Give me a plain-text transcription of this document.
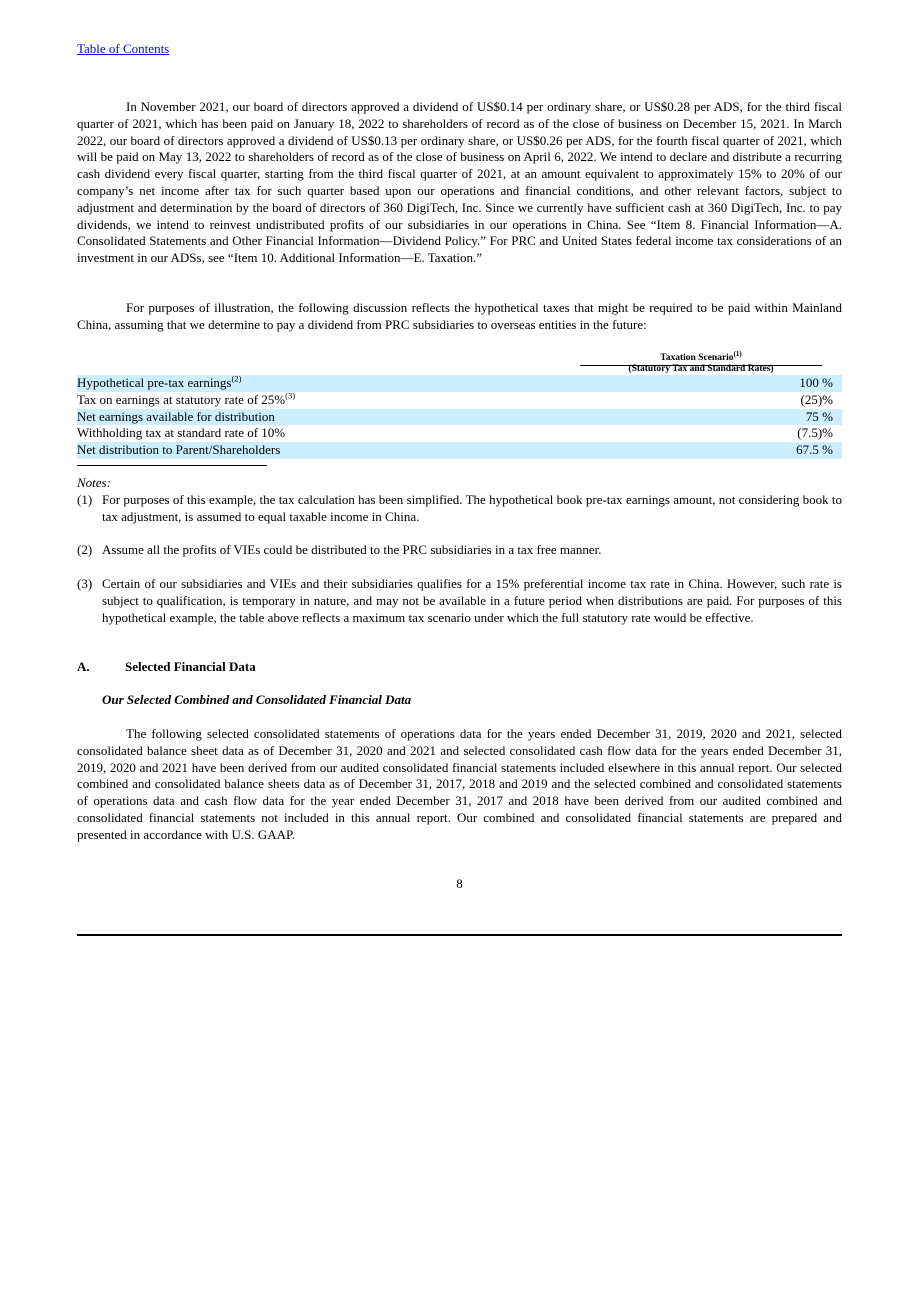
Table of Contents

In November 2021, our board of directors approved a dividend of US$0.14 per ordinary share, or US$0.28 per ADS, for the third fiscal quarter of 2021, which has been paid on January 18, 2022 to shareholders of record as of the close of business on December 15, 2021. In March 2022, our board of directors approved a dividend of US$0.13 per ordinary share, or US$0.26 per ADS, for the fourth fiscal quarter of 2021, which will be paid on May 13, 2022 to shareholders of record as of the close of business on April 6, 2022. We intend to declare and distribute a recurring cash dividend every fiscal quarter, starting from the third fiscal quarter of 2021, at an amount equivalent to approximately 15% to 20% of our company’s net income after tax for such quarter based upon our operations and financial conditions, and other relevant factors, subject to adjustment and determination by the board of directors of 360 DigiTech, Inc. Since we currently have sufficient cash at 360 DigiTech, Inc. to pay dividends, we intend to reinvest undistributed profits of our subsidiaries in our operations in China. See “Item 8. Financial Information—A. Consolidated Statements and Other Financial Information—Dividend Policy.” For PRC and United States federal income tax considerations of an investment in our ADSs, see “Item 10. Additional Information—E. Taxation.”

For purposes of illustration, the following discussion reflects the hypothetical taxes that might be required to be paid within Mainland China, assuming that we determine to pay a dividend from PRC subsidiaries to overseas entities in the future:

Taxation Scenario$^{(1)}$
(Statutory Tax and Standard Rates)
Hypothetical pre-tax earnings$^{(2)}$	100 %
Tax on earnings at statutory rate of 25%$^{(3)}$	(25)%
Net earnings available for distribution	75 %
Withholding tax at standard rate of 10%	(7.5)%
Net distribution to Parent/Shareholders	67.5 %
Notes:
(1) For purposes of this example, the tax calculation has been simplified. The hypothetical book pre-tax earnings amount, not considering book to tax adjustment, is assumed to equal taxable income in China.
(2) Assume all the profits of VIEs could be distributed to the PRC subsidiaries in a tax free manner.
(3) Certain of our subsidiaries and VIEs and their subsidiaries qualifies for a 15% preferential income tax rate in China. However, such rate is subject to qualification, is temporary in nature, and may not be available in a future period when distributions are paid. For purposes of this hypothetical example, the table above reflects a maximum tax scenario under which the full statutory rate would be effective.
A.	Selected Financial Data
Our Selected Combined and Consolidated Financial Data

The following selected consolidated statements of operations data for the years ended December 31, 2019, 2020 and 2021, selected consolidated balance sheet data as of December 31, 2020 and 2021 and selected consolidated cash flow data for the years ended December 31, 2019, 2020 and 2021 have been derived from our audited consolidated financial statements included elsewhere in this annual report. Our selected combined and consolidated balance sheets data as of December 31, 2017, 2018 and 2019 and the selected combined and consolidated statements of operations data and cash flow data for the year ended December 31, 2017 and 2018 have been derived from our audited combined and consolidated financial statements not included in this annual report. Our combined and consolidated financial statements are prepared and presented in accordance with U.S. GAAP.

8
